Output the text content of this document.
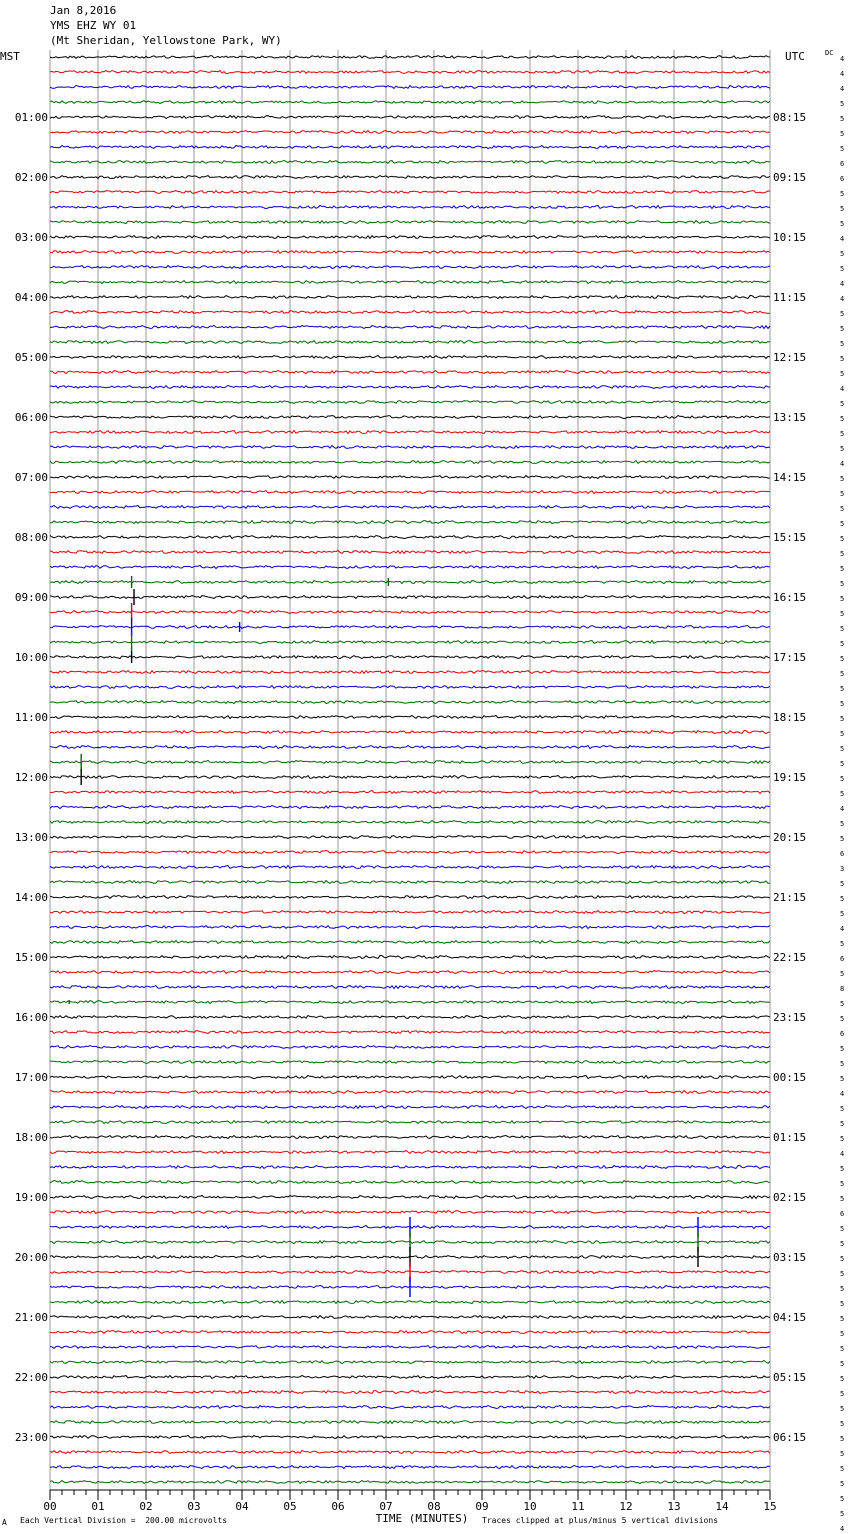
Jan 8,2016
YMS EHZ WY 01
(Mt Sheridan, Yellowstone Park, WY)
MST	UTC	DC
01:00
02:00
03:00
04:00
05:00
06:00
07:00
08:00
09:00
10:00
11:00
12:00
13:00
14:00
15:00
16:00
17:00
18:00
19:00
20:00
21:00
22:00
23:00
08:15
09:15
10:15
11:15
12:15
13:15
14:15
15:15
16:15
17:15
18:15
19:15
20:15
21:15
22:15
23:15
00:15
01:15
02:15
03:15
04:15
05:15
06:15
4
4
4
5
5
5
5
6
6
5
5
5
4
5
5
4
4
5
5
5
5
5
4
5
5
5
5
4
5
5
5
5
5
5
5
5
5
5
5
5
5
5
5
5
5
5
5
5
5
5
4
5
5
6
3
5
5
5
4
5
6
5
8
5
5
6
5
5
5
4
5
5
5
4
5
5
5
6
5
5
5
5
5
5
5
5
5
5
5
5
5
5
5
5
5
5
5
5
4
00	01	02	03	04	05	06	07	08	09	10	11	12	13	14	15
TIME (MINUTES)
A Each Vertical Division =  200.00 microvolts	Traces clipped at plus/minus 5 vertical divisions
